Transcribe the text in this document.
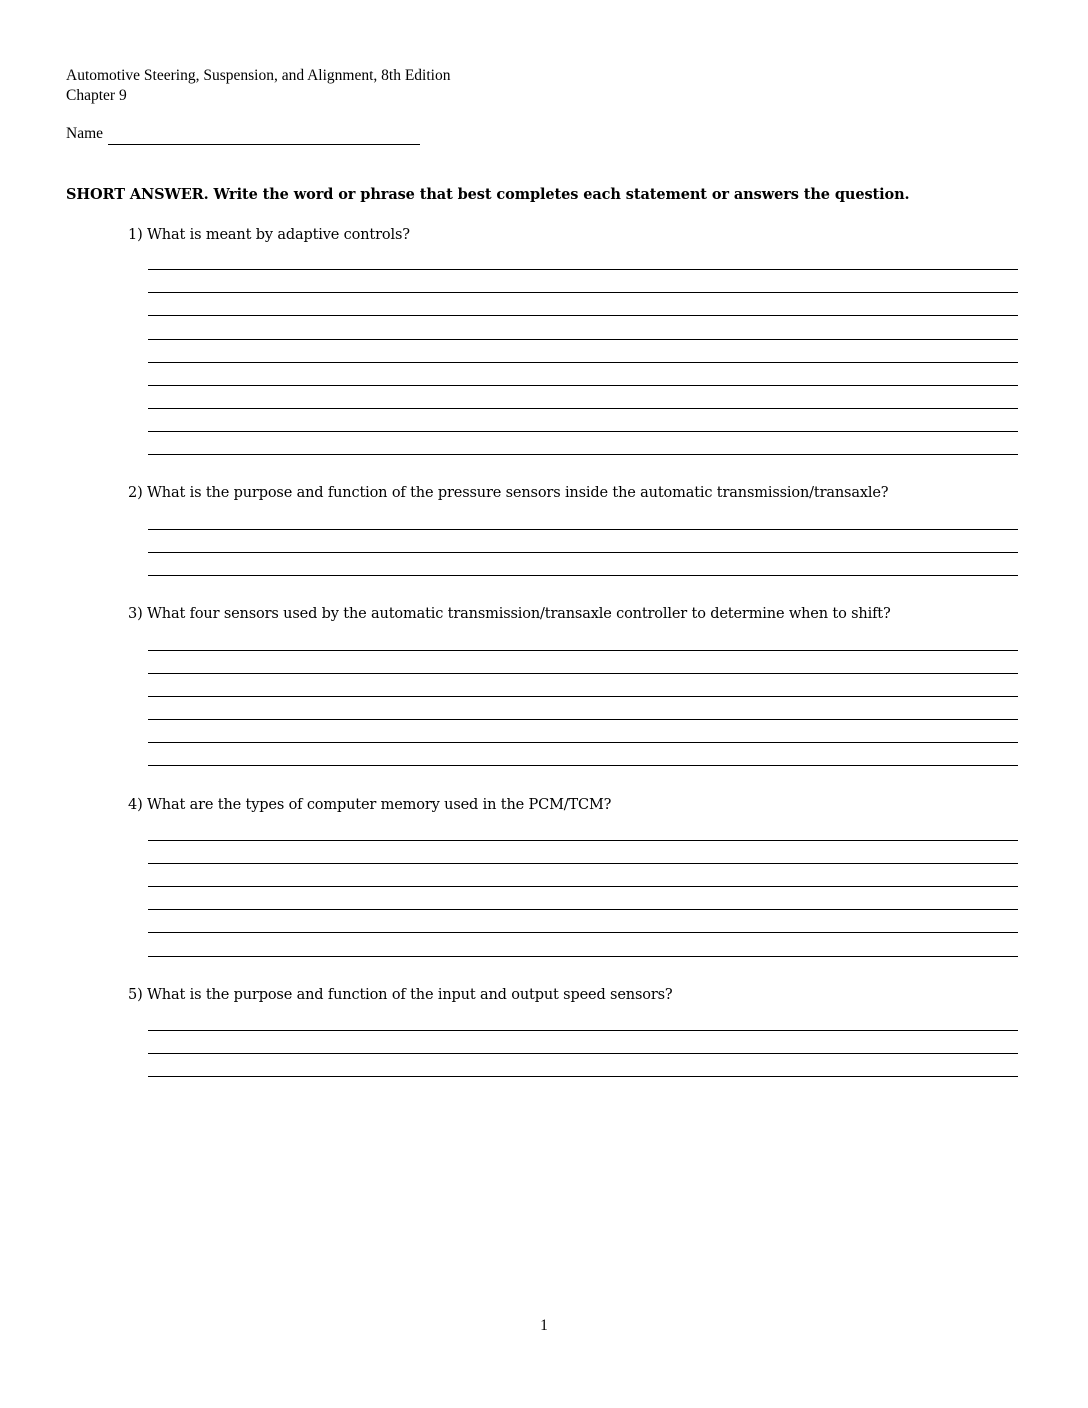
Automotive Steering, Suspension, and Alignment, 8th Edition
Chapter 9
Name
SHORT ANSWER. Write the word or phrase that best completes each statement or answers the question.
1) What is meant by adaptive controls?
2) What is the purpose and function of the pressure sensors inside the automatic transmission/transaxle?
3) What four sensors used by the automatic transmission/transaxle controller to determine when to shift?
4) What are the types of computer memory used in the PCM/TCM?
5) What is the purpose and function of the input and output speed sensors?
1
